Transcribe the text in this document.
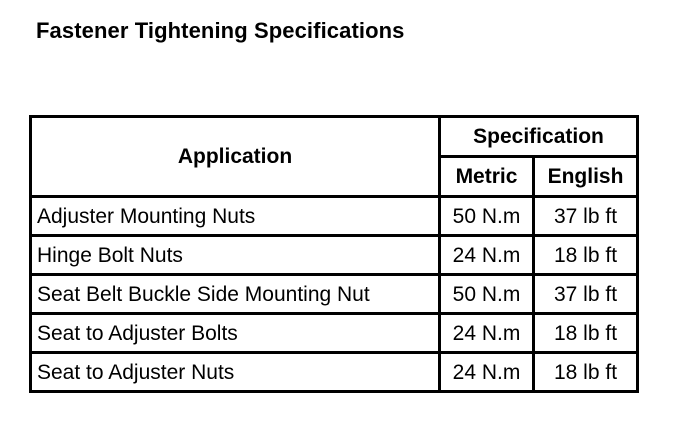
Fastener Tightening Specifications
Application	Specification	
	Metric	English
Adjuster Mounting Nuts	50 N.m	37 lb ft
Hinge Bolt Nuts	24 N.m	18 lb ft
Seat Belt Buckle Side Mounting Nut	50 N.m	37 lb ft
Seat to Adjuster Bolts	24 N.m	18 lb ft
Seat to Adjuster Nuts	24 N.m	18 lb ft
